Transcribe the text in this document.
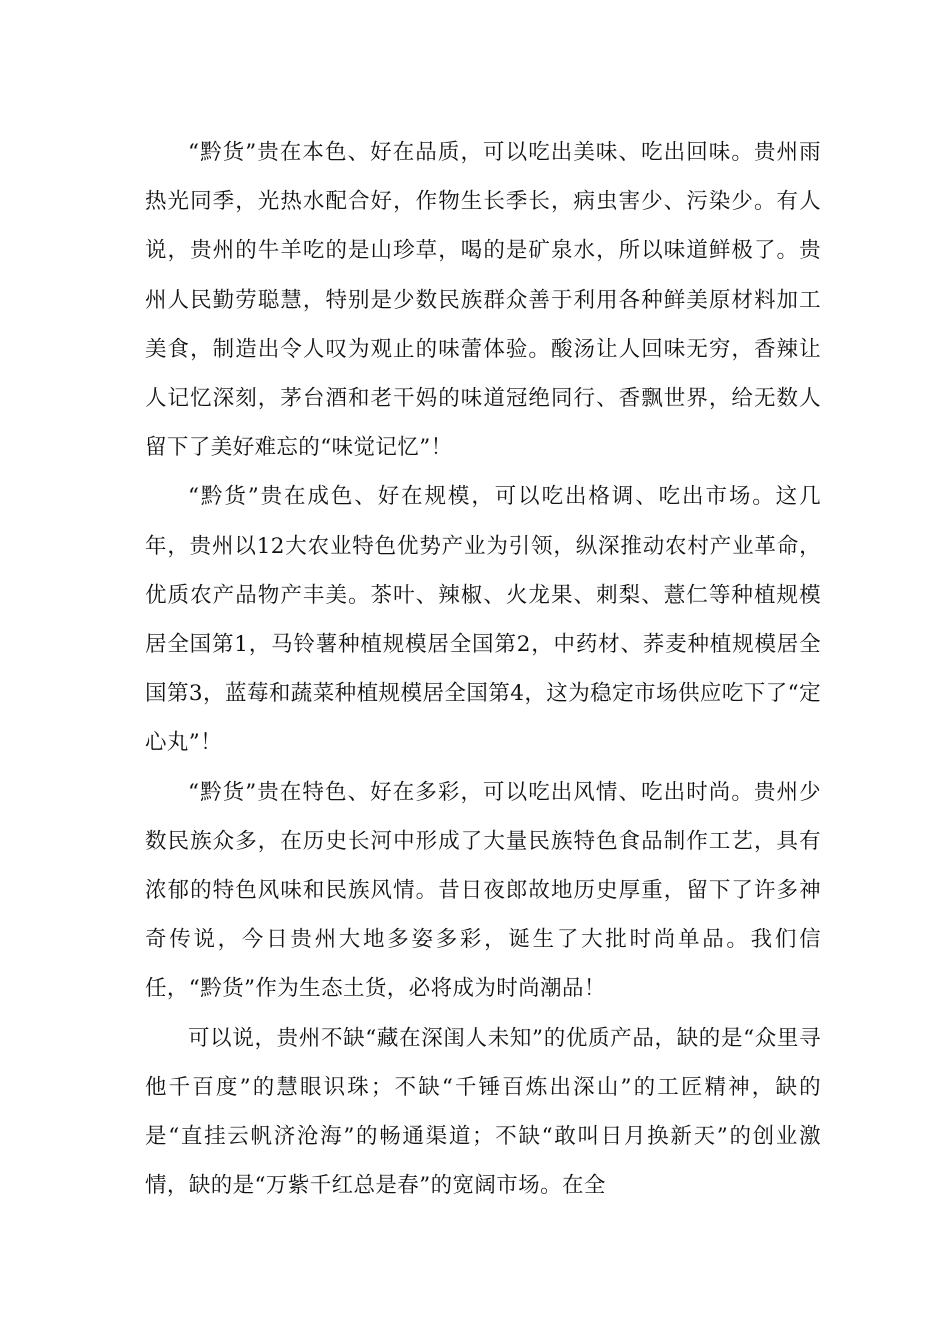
“黔货”贵在本色、好在品质，可以吃出美味、吃出回味。贵州雨热光同季，光热水配合好，作物生长季长，病虫害少、污染少。有人说，贵州的牛羊吃的是山珍草，喝的是矿泉水，所以味道鲜极了。贵州人民勤劳聪慧，特别是少数民族群众善于利用各种鲜美原材料加工美食，制造出令人叹为观止的味蕾体验。酸汤让人回味无穷，香辣让人记忆深刻，茅台酒和老干妈的味道冠绝同行、香飘世界，给无数人留下了美好难忘的“味觉记忆”！

“黔货”贵在成色、好在规模，可以吃出格调、吃出市场。这几年，贵州以12大农业特色优势产业为引领，纵深推动农村产业革命，优质农产品物产丰美。茶叶、辣椒、火龙果、刺梨、薏仁等种植规模居全国第1，马铃薯种植规模居全国第2，中药材、荞麦种植规模居全国第3，蓝莓和蔬菜种植规模居全国第4，这为稳定市场供应吃下了“定心丸”！

“黔货”贵在特色、好在多彩，可以吃出风情、吃出时尚。贵州少数民族众多，在历史长河中形成了大量民族特色食品制作工艺，具有浓郁的特色风味和民族风情。昔日夜郎故地历史厚重，留下了许多神奇传说，今日贵州大地多姿多彩，诞生了大批时尚单品。我们信任，“黔货”作为生态土货，必将成为时尚潮品！

可以说，贵州不缺“藏在深闺人未知”的优质产品，缺的是“众里寻他千百度”的慧眼识珠；不缺“千锤百炼出深山”的工匠精神，缺的是“直挂云帆济沧海”的畅通渠道；不缺“敢叫日月换新天”的创业激情，缺的是“万紫千红总是春”的宽阔市场。在全
